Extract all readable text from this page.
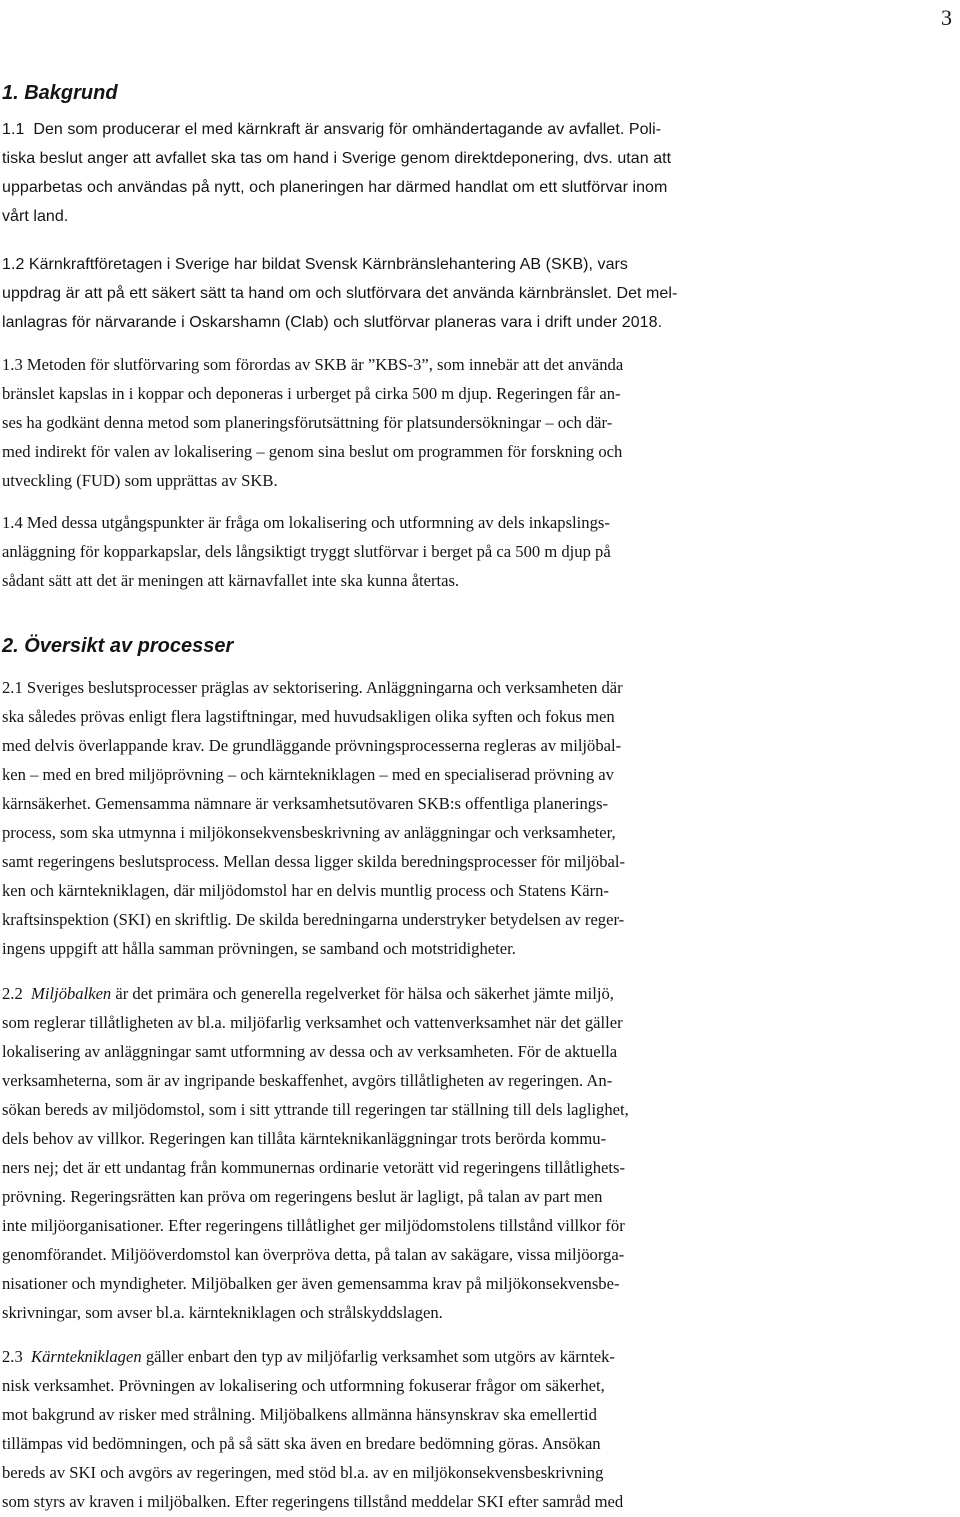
3
1. Bakgrund

1.1  Den som producerar el med kärnkraft är ansvarig för omhändertagande av avfallet. Poli-
tiska beslut anger att avfallet ska tas om hand i Sverige genom direktdeponering, dvs. utan att
upparbetas och användas på nytt, och planeringen har därmed handlat om ett slutförvar inom
vårt land.

1.2 Kärnkraftföretagen i Sverige har bildat Svensk Kärnbränslehantering AB (SKB), vars
uppdrag är att på ett säkert sätt ta hand om och slutförvara det använda kärnbränslet. Det mel-
lanlagras för närvarande i Oskarshamn (Clab) och slutförvar planeras vara i drift under 2018.

1.3 Metoden för slutförvaring som förordas av SKB är ”KBS-3”, som innebär att det använda
bränslet kapslas in i koppar och deponeras i urberget på cirka 500 m djup. Regeringen får an-
ses ha godkänt denna metod som planeringsförutsättning för platsundersökningar – och där-
med indirekt för valen av lokalisering – genom sina beslut om programmen för forskning och
utveckling (FUD) som upprättas av SKB.

1.4 Med dessa utgångspunkter är fråga om lokalisering och utformning av dels inkapslings-
anläggning för kopparkapslar, dels långsiktigt tryggt slutförvar i berget på ca 500 m djup på
sådant sätt att det är meningen att kärnavfallet inte ska kunna återtas.

2. Översikt av processer

2.1 Sveriges beslutsprocesser präglas av sektorisering. Anläggningarna och verksamheten där
ska således prövas enligt flera lagstiftningar, med huvudsakligen olika syften och fokus men
med delvis överlappande krav. De grundläggande prövningsprocesserna regleras av miljöbal-
ken – med en bred miljöprövning – och kärntekniklagen – med en specialiserad prövning av
kärnsäkerhet. Gemensamma nämnare är verksamhetsutövaren SKB:s offentliga planerings-
process, som ska utmynna i miljökonsekvensbeskrivning av anläggningar och verksamheter,
samt regeringens beslutsprocess. Mellan dessa ligger skilda beredningsprocesser för miljöbal-
ken och kärntekniklagen, där miljödomstol har en delvis muntlig process och Statens Kärn-
kraftsinspektion (SKI) en skriftlig. De skilda beredningarna understryker betydelsen av reger-
ingens uppgift att hålla samman prövningen, se samband och motstridigheter.

2.2 Miljöbalken är det primära och generella regelverket för hälsa och säkerhet jämte miljö,
som reglerar tillåtligheten av bl.a. miljöfarlig verksamhet och vattenverksamhet när det gäller
lokalisering av anläggningar samt utformning av dessa och av verksamheten. För de aktuella
verksamheterna, som är av ingripande beskaffenhet, avgörs tillåtligheten av regeringen. An-
sökan bereds av miljödomstol, som i sitt yttrande till regeringen tar ställning till dels laglighet,
dels behov av villkor. Regeringen kan tillåta kärnteknikanläggningar trots berörda kommu-
ners nej; det är ett undantag från kommunernas ordinarie vetorätt vid regeringens tillåtlighets-
prövning. Regeringsrätten kan pröva om regeringens beslut är lagligt, på talan av part men
inte miljöorganisationer. Efter regeringens tillåtlighet ger miljödomstolens tillstånd villkor för
genomförandet. Miljööverdomstol kan överpröva detta, på talan av sakägare, vissa miljöorga-
nisationer och myndigheter. Miljöbalken ger även gemensamma krav på miljökonsekvensbe-
skrivningar, som avser bl.a. kärntekniklagen och strålskyddslagen.

2.3 Kärntekniklagen gäller enbart den typ av miljöfarlig verksamhet som utgörs av kärntek-
nisk verksamhet. Prövningen av lokalisering och utformning fokuserar frågor om säkerhet,
mot bakgrund av risker med strålning. Miljöbalkens allmänna hänsynskrav ska emellertid
tillämpas vid bedömningen, och på så sätt ska även en bredare bedömning göras. Ansökan
bereds av SKI och avgörs av regeringen, med stöd bl.a. av en miljökonsekvensbeskrivning
som styrs av kraven i miljöbalken. Efter regeringens tillstånd meddelar SKI efter samråd med
